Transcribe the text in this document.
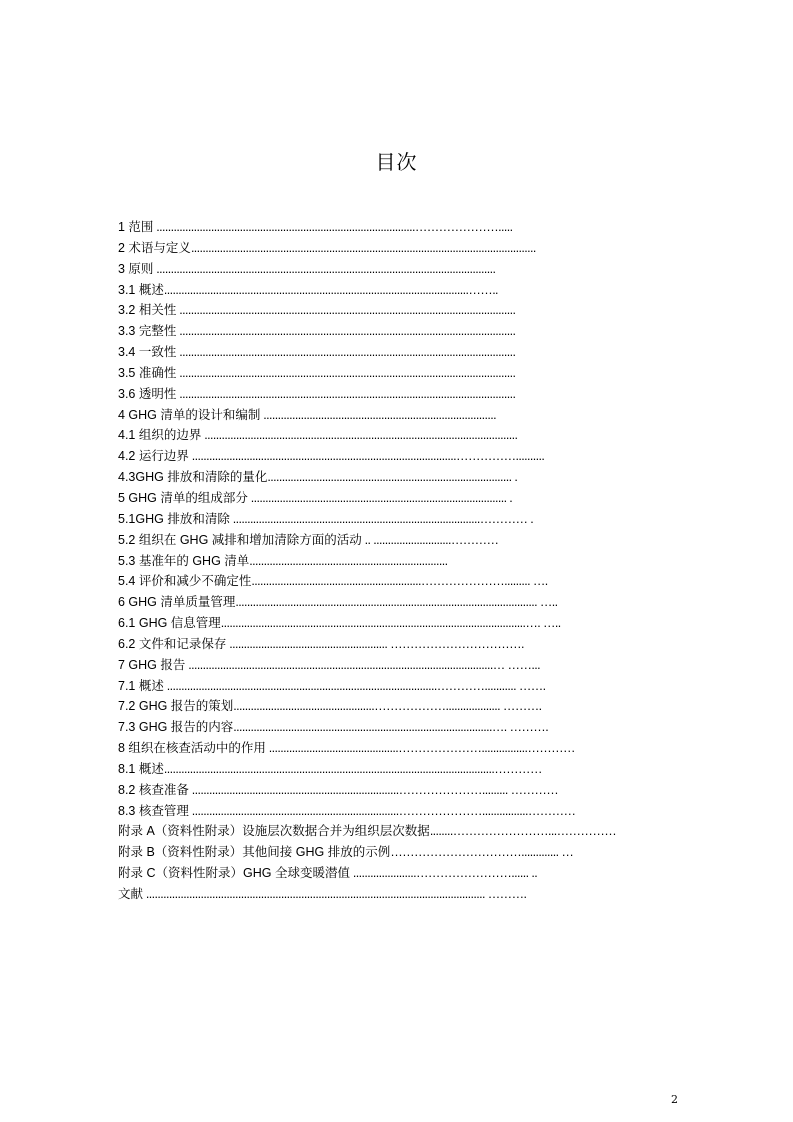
目次
1 范围 ..........................................................................................………………….....
2 术语与定义........................................................................................................................
3 原则 ......................................................................................................................
3.1 概述..........................................................................................................……..
3.2 相关性 .....................................................................................................................
3.3 完整性 .....................................................................................................................
3.4 一致性 .....................................................................................................................
3.5 准确性 .....................................................................................................................
3.6 透明性 .....................................................................................................................
4 GHG 清单的设计和编制 .................................................................................
4.1 组织的边界 .............................................................................................................
4.2 运行边界 ............................................................................................……………..........
4.3GHG 排放和清除的量化..................................................................................... .
5 GHG 清单的组成部分 ......................................................................................... .
5.1GHG 排放和清除 ......................................................................................………… .
5.2 组织在 GHG 减排和增加清除方面的活动 .. ...........................…………
5.3 基准年的 GHG 清单.....................................................................
5.4 评价和减少不确定性...........................................................…………………......... ….
6 GHG 清单质量管理......................................................................................................... …..
6.1 GHG 信息管理..........................................................................................................…. …..
6.2 文件和记录保存 ....................................................... …………………………….
7 GHG 报告 ..........................................................................................................… ……...
7.1 概述 ..............................................................................................…………........... …….
7.2 GHG 报告的策划.................................................………………................... ……….
7.3 GHG 报告的内容..........................................................................................…. ……….
8 组织在核查活动中的作用 .............................................…………………................…………
8.1 概述...................................................................................................................…………
8.2 核查准备 ........................................................................…………………......... …………
8.3 核查管理 ........................................................................…………………................…………
附录 A（资料性附录）设施层次数据合并为组织层次数据........……………………...……………
附录 B（资料性附录）其他间接 GHG 排放的示例……………………………............. …
附录 C（资料性附录）GHG 全球变暖潜值 ......................……………………...... ..
文献 ...................................................................................................................... ……….
2
